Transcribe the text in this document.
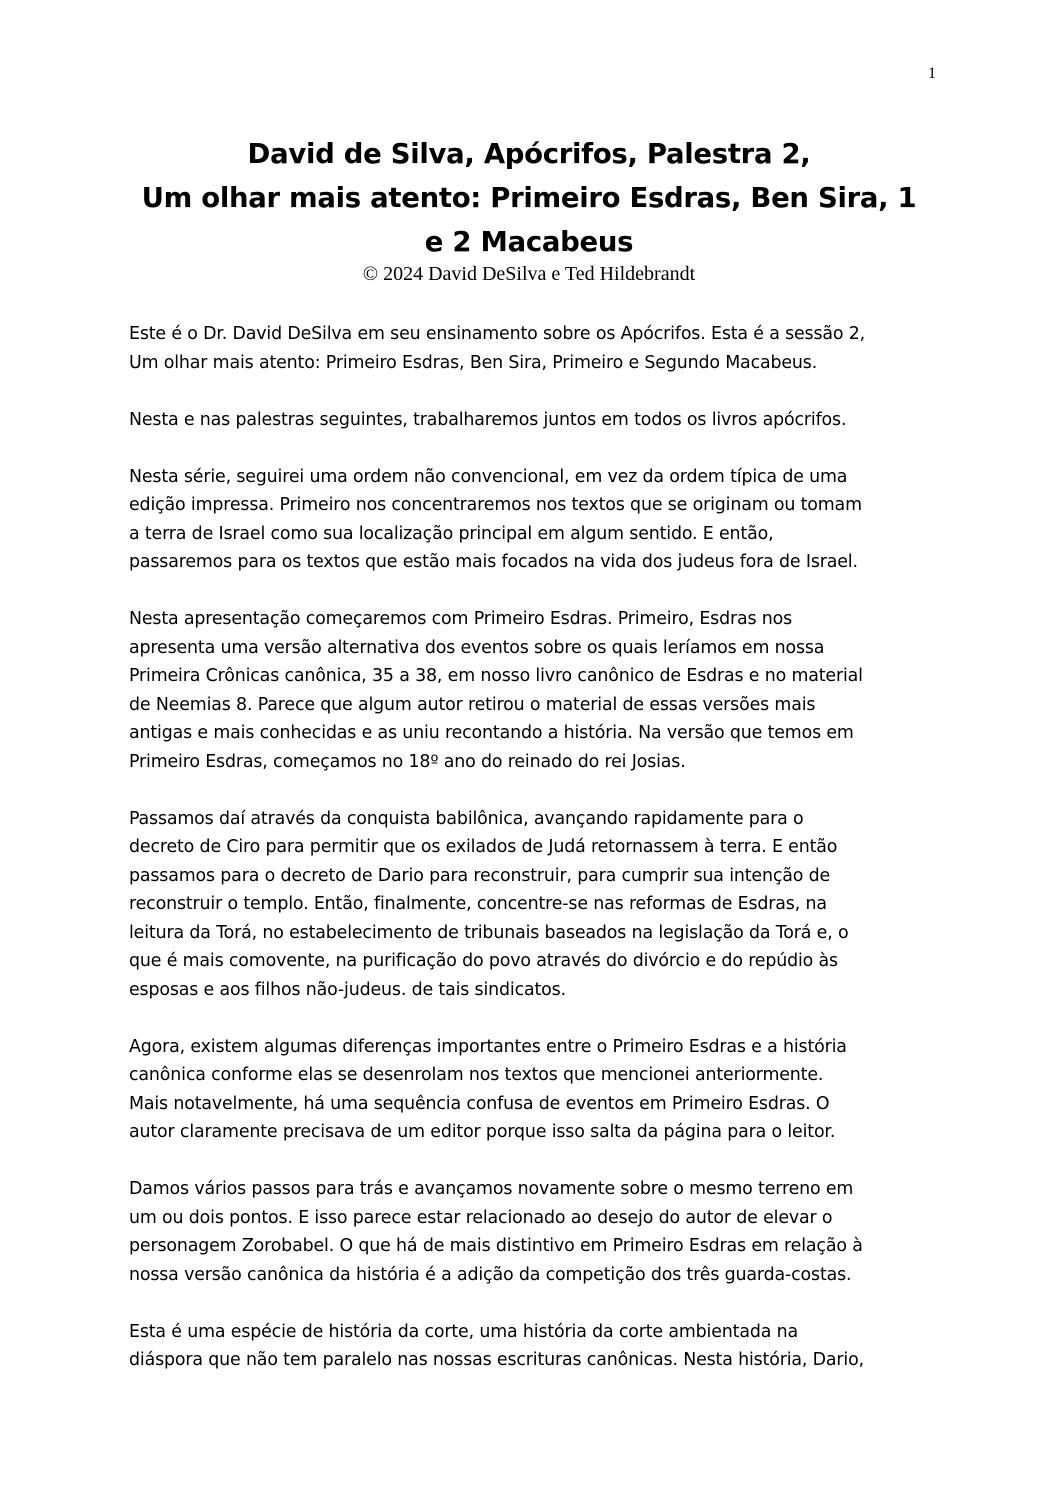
1
David de Silva, Apócrifos, Palestra 2,
Um olhar mais atento: Primeiro Esdras, Ben Sira, 1
e 2 Macabeus
© 2024 David DeSilva e Ted Hildebrandt

Este é o Dr. David DeSilva em seu ensinamento sobre os Apócrifos. Esta é a sessão 2,
Um olhar mais atento: Primeiro Esdras, Ben Sira, Primeiro e Segundo Macabeus.

Nesta e nas palestras seguintes, trabalharemos juntos em todos os livros apócrifos.

Nesta série, seguirei uma ordem não convencional, em vez da ordem típica de uma
edição impressa. Primeiro nos concentraremos nos textos que se originam ou tomam
a terra de Israel como sua localização principal em algum sentido. E então,
passaremos para os textos que estão mais focados na vida dos judeus fora de Israel.

Nesta apresentação começaremos com Primeiro Esdras. Primeiro, Esdras nos
apresenta uma versão alternativa dos eventos sobre os quais leríamos em nossa
Primeira Crônicas canônica, 35 a 38, em nosso livro canônico de Esdras e no material
de Neemias 8. Parece que algum autor retirou o material de essas versões mais
antigas e mais conhecidas e as uniu recontando a história. Na versão que temos em
Primeiro Esdras, começamos no 18º ano do reinado do rei Josias.

Passamos daí através da conquista babilônica, avançando rapidamente para o
decreto de Ciro para permitir que os exilados de Judá retornassem à terra. E então
passamos para o decreto de Dario para reconstruir, para cumprir sua intenção de
reconstruir o templo. Então, finalmente, concentre-se nas reformas de Esdras, na
leitura da Torá, no estabelecimento de tribunais baseados na legislação da Torá e, o
que é mais comovente, na purificação do povo através do divórcio e do repúdio às
esposas e aos filhos não-judeus. de tais sindicatos.

Agora, existem algumas diferenças importantes entre o Primeiro Esdras e a história
canônica conforme elas se desenrolam nos textos que mencionei anteriormente.
Mais notavelmente, há uma sequência confusa de eventos em Primeiro Esdras. O
autor claramente precisava de um editor porque isso salta da página para o leitor.

Damos vários passos para trás e avançamos novamente sobre o mesmo terreno em
um ou dois pontos. E isso parece estar relacionado ao desejo do autor de elevar o
personagem Zorobabel. O que há de mais distintivo em Primeiro Esdras em relação à
nossa versão canônica da história é a adição da competição dos três guarda-costas.

Esta é uma espécie de história da corte, uma história da corte ambientada na
diáspora que não tem paralelo nas nossas escrituras canônicas. Nesta história, Dario,
